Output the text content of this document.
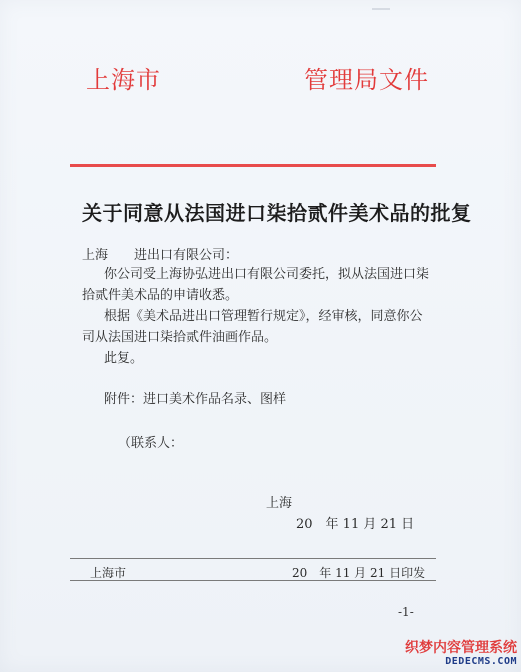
上海市	管理局文件
关于同意从法国进口柒拾贰件美术品的批复
上海　　进出口有限公司：
你公司受上海协弘进出口有限公司委托，拟从法国进口柒
拾贰件美术品的申请收悉。
根据《美术品进出口管理暂行规定》，经审核，同意你公
司从法国进口柒拾贰件油画作品。
此复。
附件：进口美术作品名录、图样
（联系人：
上海
20　年 11 月 21 日
上海市	20　年 11 月 21 日印发
-1-
织梦内容管理系统
DEDECMS.COM
